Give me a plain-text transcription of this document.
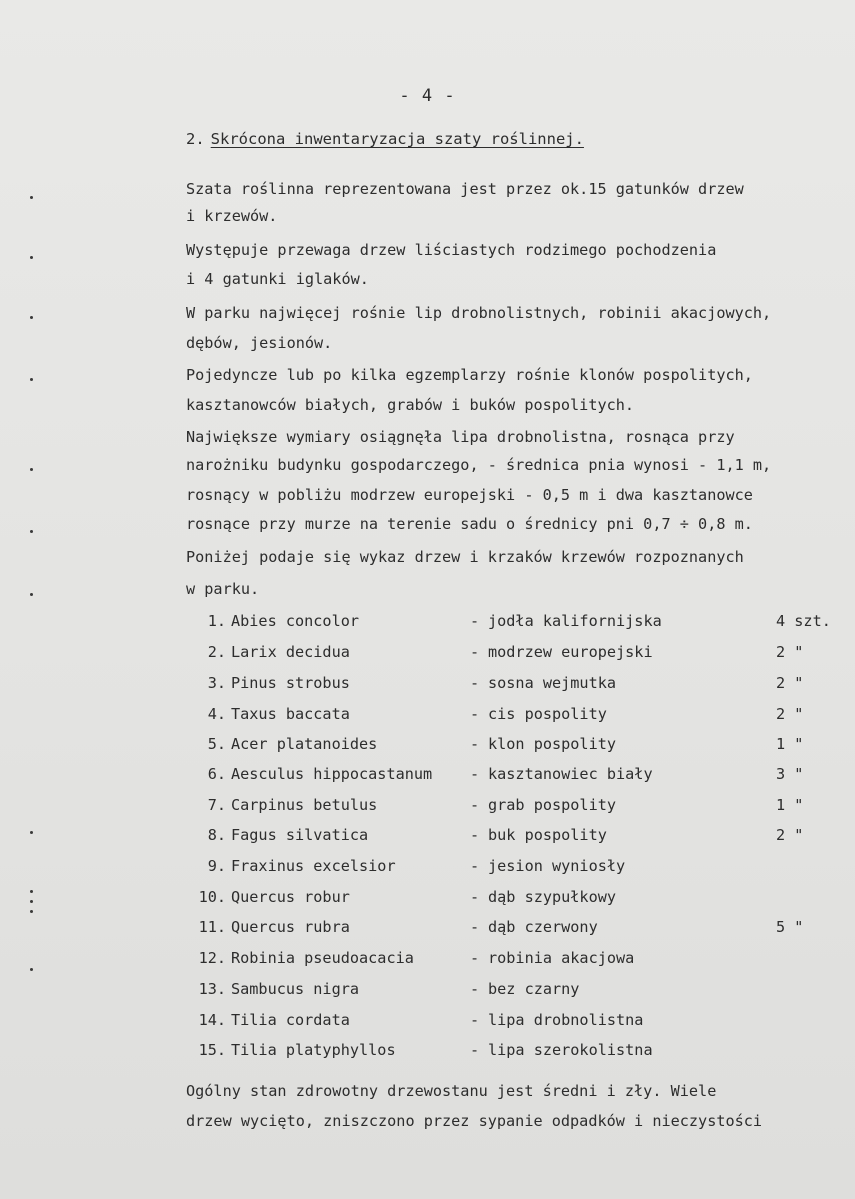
- 4 -
2. Skrócona inwentaryzacja szaty roślinnej.
Szata roślinna reprezentowana jest przez ok.15 gatunków drzew
i krzewów.
Występuje przewaga drzew liściastych rodzimego pochodzenia
i 4 gatunki iglaków.
W parku najwięcej rośnie lip drobnolistnych, robinii akacjowych,
dębów, jesionów.
Pojedyncze lub po kilka egzemplarzy rośnie klonów pospolitych,
kasztanowców białych, grabów i buków pospolitych.
Największe wymiary osiągnęła lipa drobnolistna, rosnąca przy
narożniku budynku gospodarczego, - średnica pnia wynosi - 1,1 m,
rosnący w pobliżu modrzew europejski - 0,5 m i dwa kasztanowce
rosnące przy murze na terenie sadu o średnicy pni 0,7 ÷ 0,8 m.
Poniżej podaje się wykaz drzew i krzaków krzewów rozpoznanych
w parku.
1. Abies concolor	- jodła kalifornijska	4 szt.
2. Larix decidua	- modrzew europejski	2 "
3. Pinus strobus	- sosna wejmutka	2 "
4. Taxus baccata	- cis pospolity	2 "
5. Acer platanoides	- klon pospolity	1 "
6. Aesculus hippocastanum - kasztanowiec biały	3 "
7. Carpinus betulus	- grab pospolity	1 "
8. Fagus silvatica	- buk pospolity	2 "
9. Fraxinus excelsior	- jesion wyniosły
10. Quercus robur	- dąb szypułkowy
11. Quercus rubra	- dąb czerwony	5 "
12. Robinia pseudoacacia	- robinia akacjowa
13. Sambucus nigra	- bez czarny
14. Tilia cordata	- lipa drobnolistna
15. Tilia platyphyllos	- lipa szerokolistna
Ogólny stan zdrowotny drzewostanu jest średni i zły. Wiele
drzew wycięto, zniszczono przez sypanie odpadków i nieczystości
